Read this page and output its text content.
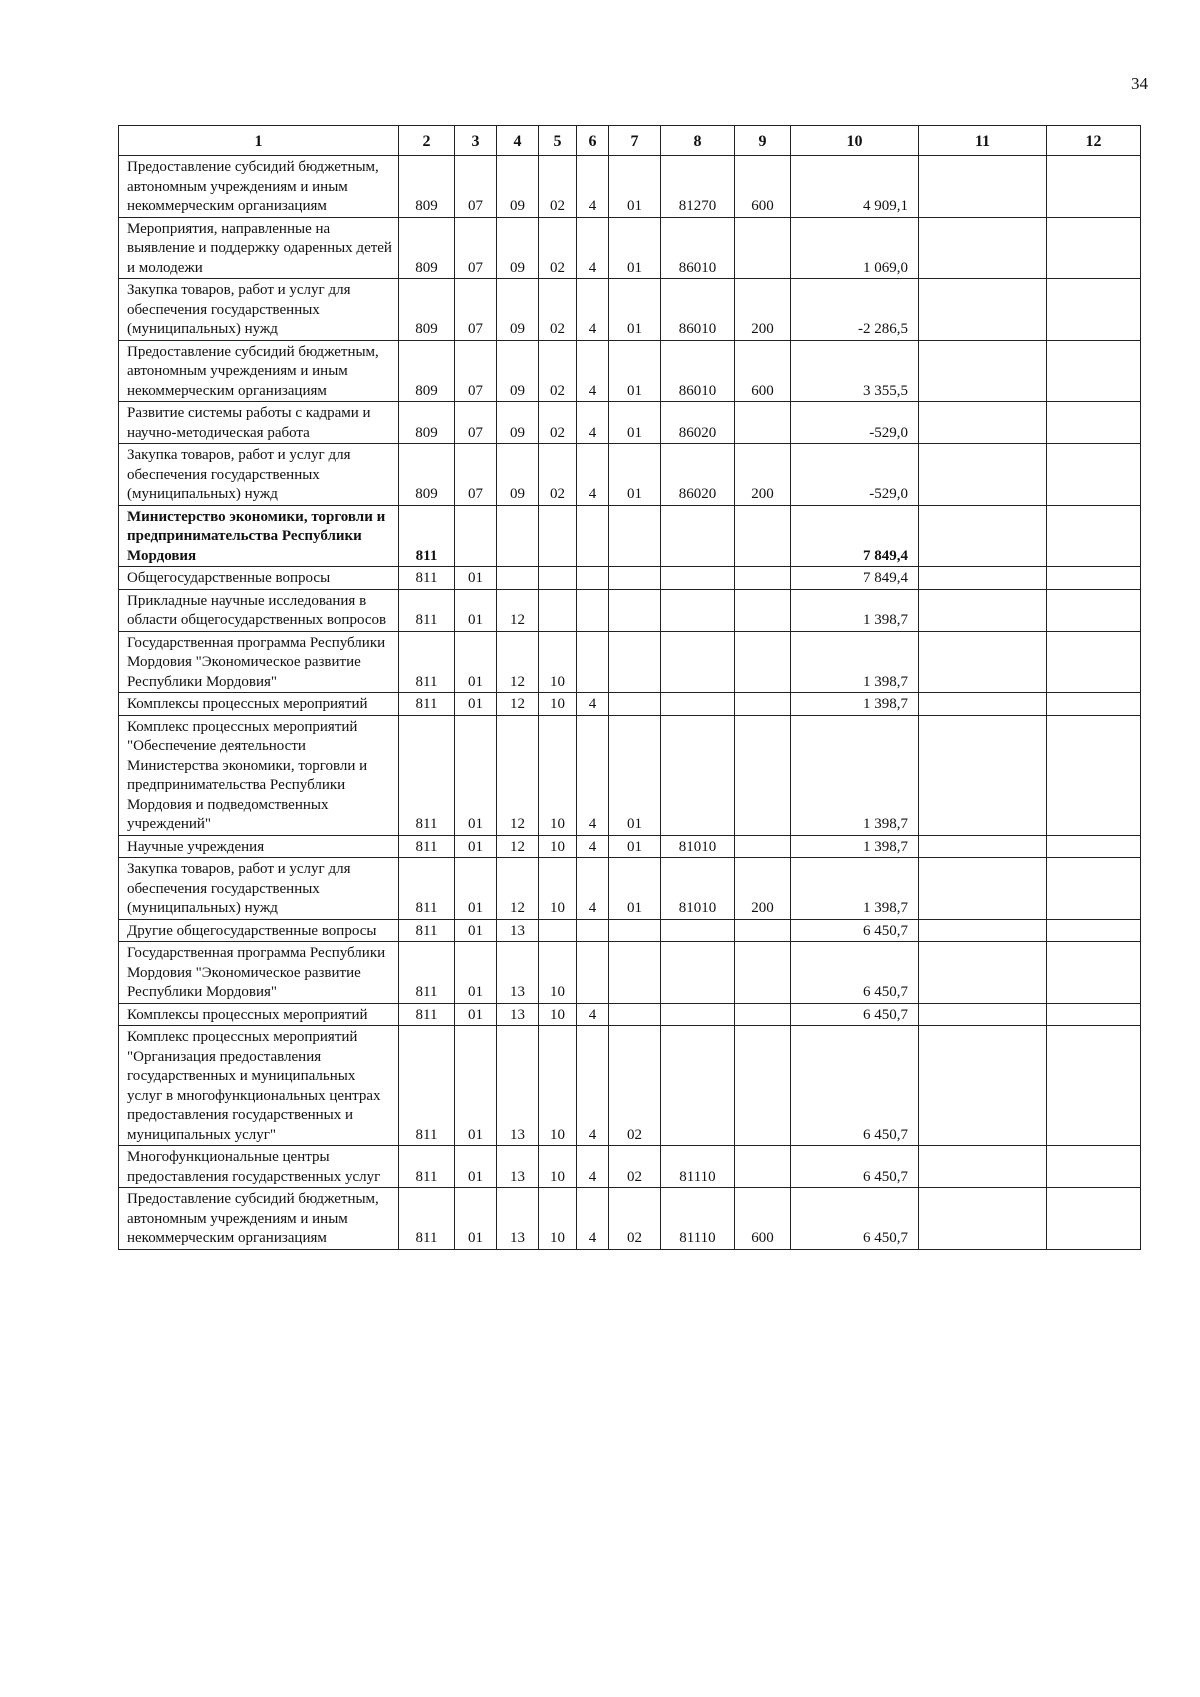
34
1	2	3	4	5	6	7	8	9	10	11	12
Предоставление субсидий бюджетным, автономным учреждениям и иным некоммерческим организациям	809	07	09	02	4	01	81270	600	4 909,1		
Мероприятия, направленные на выявление и поддержку одаренных детей и молодежи	809	07	09	02	4	01	86010		1 069,0		
Закупка товаров, работ и услуг для обеспечения государственных (муниципальных) нужд	809	07	09	02	4	01	86010	200	-2 286,5		
Предоставление субсидий бюджетным, автономным учреждениям и иным некоммерческим организациям	809	07	09	02	4	01	86010	600	3 355,5		
Развитие системы работы с кадрами и научно-методическая работа	809	07	09	02	4	01	86020		-529,0		
Закупка товаров, работ и услуг для обеспечения государственных (муниципальных) нужд	809	07	09	02	4	01	86020	200	-529,0		
Министерство экономики, торговли и предпринимательства Республики Мордовия	811								7 849,4		
Общегосударственные вопросы	811	01							7 849,4		
Прикладные научные исследования в области общегосударственных вопросов	811	01	12						1 398,7		
Государственная программа Республики Мордовия "Экономическое развитие Республики Мордовия"	811	01	12	10					1 398,7		
Комплексы процессных мероприятий	811	01	12	10	4				1 398,7		
Комплекс процессных мероприятий "Обеспечение деятельности Министерства экономики, торговли и предпринимательства Республики Мордовия и подведомственных учреждений"	811	01	12	10	4	01			1 398,7		
Научные учреждения	811	01	12	10	4	01	81010		1 398,7		
Закупка товаров, работ и услуг для обеспечения государственных (муниципальных) нужд	811	01	12	10	4	01	81010	200	1 398,7		
Другие общегосударственные вопросы	811	01	13						6 450,7		
Государственная программа Республики Мордовия "Экономическое развитие Республики Мордовия"	811	01	13	10					6 450,7		
Комплексы процессных мероприятий	811	01	13	10	4				6 450,7		
Комплекс процессных мероприятий "Организация предоставления государственных и муниципальных услуг в многофункциональных центрах предоставления государственных и муниципальных услуг"	811	01	13	10	4	02			6 450,7		
Многофункциональные центры предоставления государственных услуг	811	01	13	10	4	02	81110		6 450,7		
Предоставление субсидий бюджетным, автономным учреждениям и иным некоммерческим организациям	811	01	13	10	4	02	81110	600	6 450,7		
